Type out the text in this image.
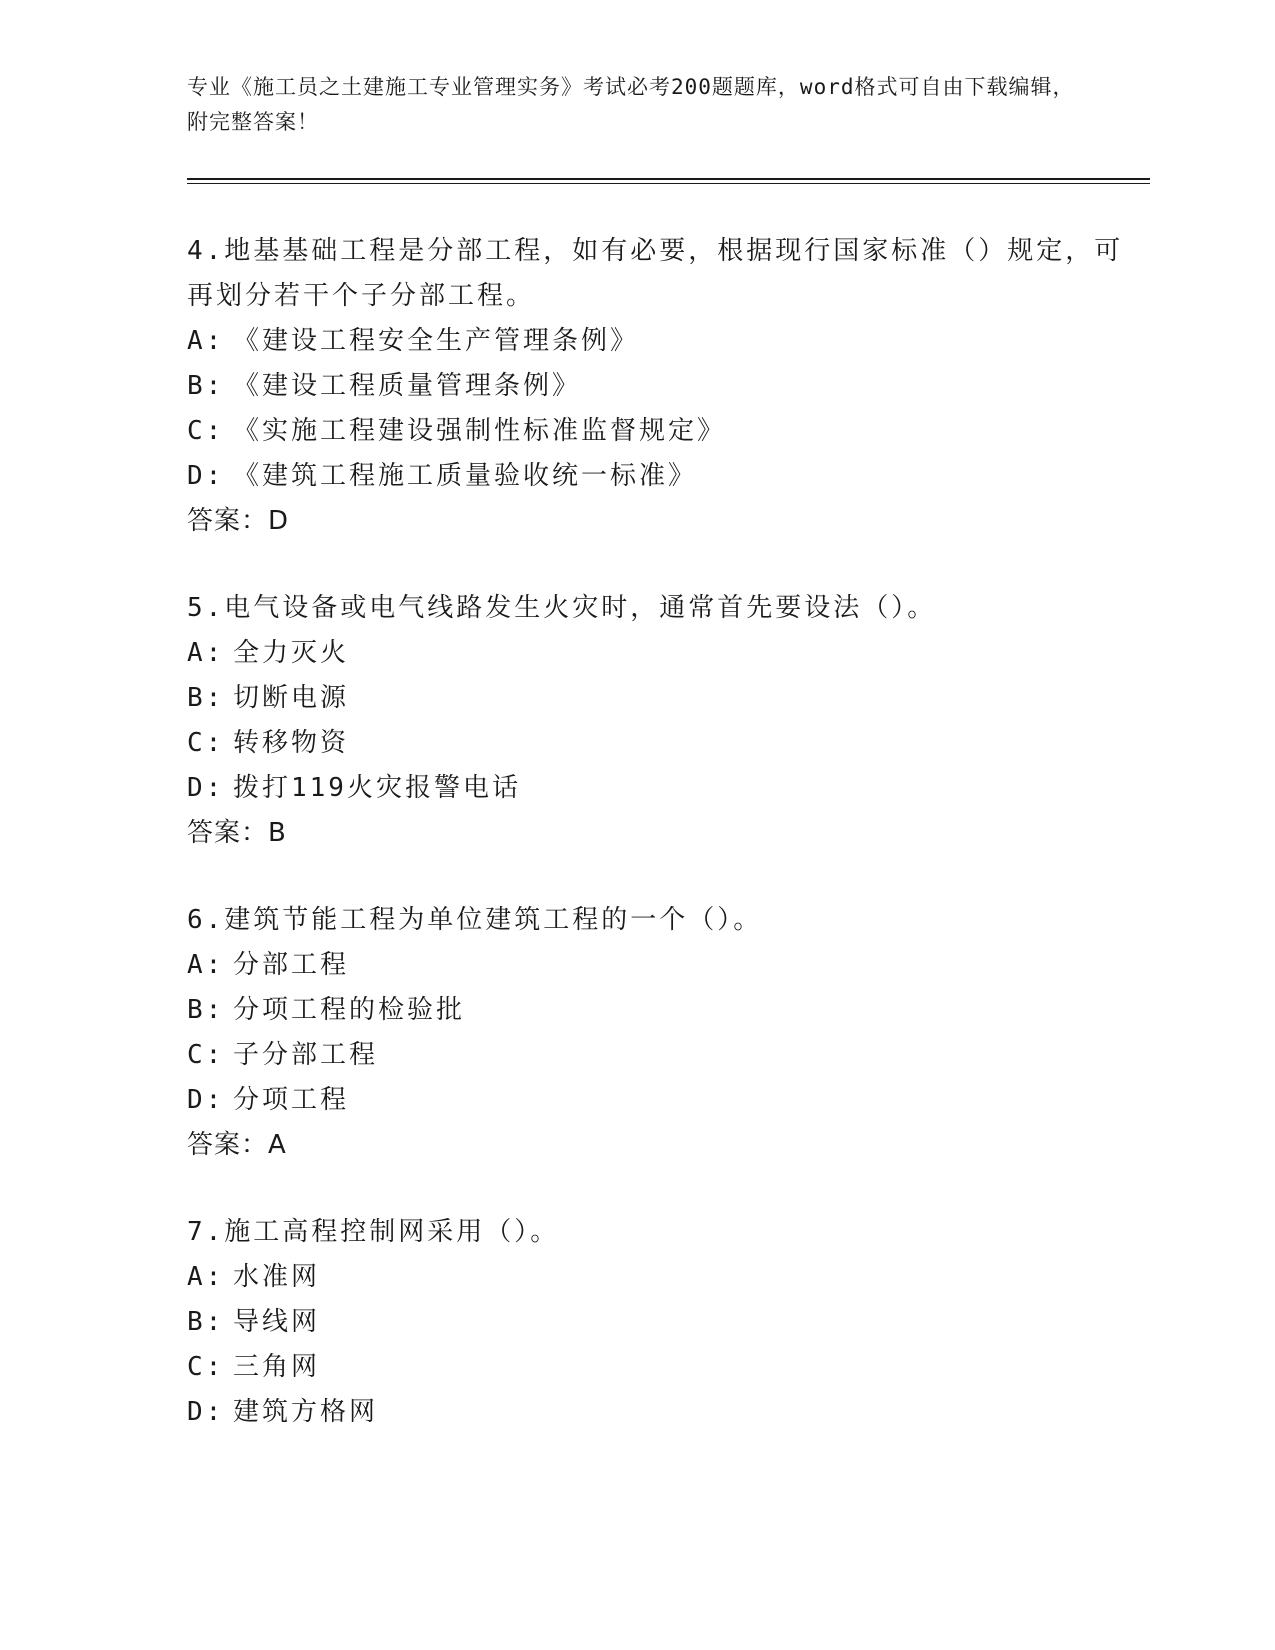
专业《施工员之土建施工专业管理实务》考试必考200题题库，word格式可自由下载编辑，附完整答案！

4.地基基础工程是分部工程，如有必要，根据现行国家标准（）规定，可再划分若干个子分部工程。

A: 《建设工程安全生产管理条例》
B: 《建设工程质量管理条例》
C: 《实施工程建设强制性标准监督规定》
D: 《建筑工程施工质量验收统一标准》

答案：D

5.电气设备或电气线路发生火灾时，通常首先要设法（）。

A: 全力灭火
B: 切断电源
C: 转移物资
D: 拨打119火灾报警电话

答案：B

6.建筑节能工程为单位建筑工程的一个（）。

A: 分部工程
B: 分项工程的检验批
C: 子分部工程
D: 分项工程

答案：A

7.施工高程控制网采用（）。

A: 水准网
B: 导线网
C: 三角网
D: 建筑方格网
